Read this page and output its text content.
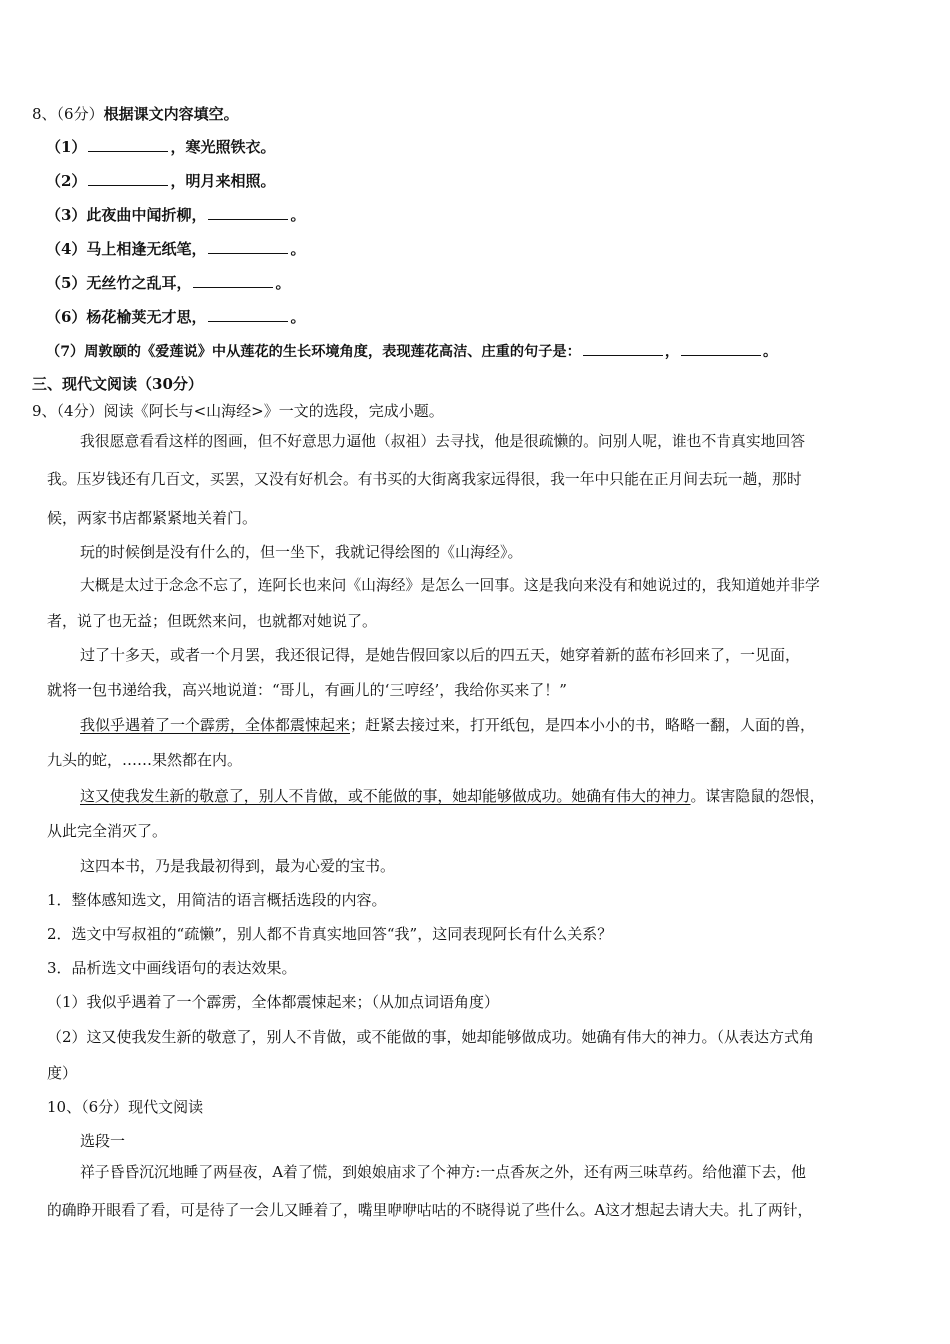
8、（6分）根据课文内容填空。
（1）	，寒光照铁衣。
（2）	，明月来相照。
（3）此夜曲中闻折柳，	。
（4）马上相逢无纸笔，	。
（5）无丝竹之乱耳，	。
（6）杨花榆荚无才思，	。
（7）周敦颐的《爱莲说》中从莲花的生长环境角度，表现莲花高洁、庄重的句子是：	，	。
三、现代文阅读（30分）
9、（4分）阅读《阿长与<山海经>》一文的选段，完成小题。
我很愿意看看这样的图画，但不好意思力逼他（叔祖）去寻找，他是很疏懒的。问别人呢，谁也不肯真实地回答
我。压岁钱还有几百文，买罢，又没有好机会。有书买的大街离我家远得很，我一年中只能在正月间去玩一趟，那时
候，两家书店都紧紧地关着门。
玩的时候倒是没有什么的，但一坐下，我就记得绘图的《山海经》。
大概是太过于念念不忘了，连阿长也来问《山海经》是怎么一回事。这是我向来没有和她说过的，我知道她并非学
者，说了也无益；但既然来问，也就都对她说了。
过了十多天，或者一个月罢，我还很记得，是她告假回家以后的四五天，她穿着新的蓝布衫回来了，一见面，
就将一包书递给我，高兴地说道：“哥儿，有画儿的‘三哼经’，我给你买来了！”
我似乎遇着了一个霹雳，全体都震悚起来；赶紧去接过来，打开纸包，是四本小小的书，略略一翻，人面的兽，
九头的蛇，……果然都在内。
这又使我发生新的敬意了，别人不肯做，或不能做的事，她却能够做成功。她确有伟大的神力。谋害隐鼠的怨恨，
从此完全消灭了。
这四本书，乃是我最初得到，最为心爱的宝书。
1．整体感知选文，用简洁的语言概括选段的内容。
2．选文中写叔祖的“疏懒”，别人都不肯真实地回答“我”，这同表现阿长有什么关系？
3．品析选文中画线语句的表达效果。
（1）我似乎遇着了一个霹雳，全体都震悚起来；（从加点词语角度）
（2）这又使我发生新的敬意了，别人不肯做，或不能做的事，她却能够做成功。她确有伟大的神力。（从表达方式角
度）
10、（6分）现代文阅读
选段一
祥子昏昏沉沉地睡了两昼夜，A着了慌，到娘娘庙求了个神方:一点香灰之外，还有两三味草药。给他灌下去，他
的确睁开眼看了看，可是待了一会儿又睡着了，嘴里咿咿咕咕的不晓得说了些什么。A这才想起去请大夫。扎了两针，
